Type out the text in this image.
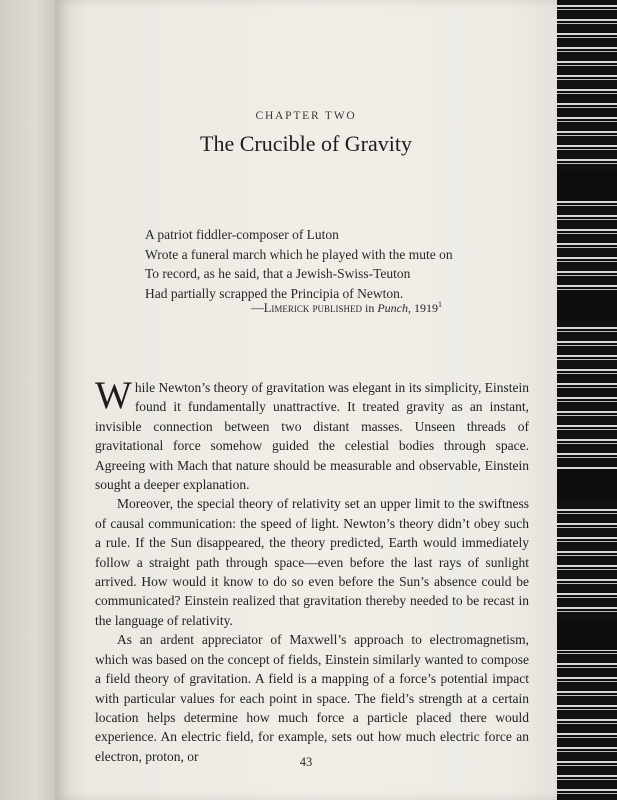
CHAPTER TWO
The Crucible of Gravity
A patriot fiddler-composer of Luton
Wrote a funeral march which he played with the mute on
To record, as he said, that a Jewish-Swiss-Teuton
Had partially scrapped the Principia of Newton.
—Limerick published in Punch, 1919$^1$

While Newton’s theory of gravitation was elegant in its simplicity, Einstein found it fundamentally unattractive. It treated gravity as an instant, invisible connection between two distant masses. Unseen threads of gravitational force somehow guided the celestial bodies through space. Agreeing with Mach that nature should be measurable and observable, Einstein sought a deeper explanation.

Moreover, the special theory of relativity set an upper limit to the swiftness of causal communication: the speed of light. Newton’s theory didn’t obey such a rule. If the Sun disappeared, the theory predicted, Earth would immediately follow a straight path through space—even before the last rays of sunlight arrived. How would it know to do so even before the Sun’s absence could be communicated? Einstein realized that gravitation thereby needed to be recast in the language of relativity.

As an ardent appreciator of Maxwell’s approach to electromagnetism, which was based on the concept of fields, Einstein similarly wanted to compose a field theory of gravitation. A field is a mapping of a force’s potential impact with particular values for each point in space. The field’s strength at a certain location helps determine how much force a particle placed there would experience. An electric field, for example, sets out how much electric force an electron, proton, or	43
